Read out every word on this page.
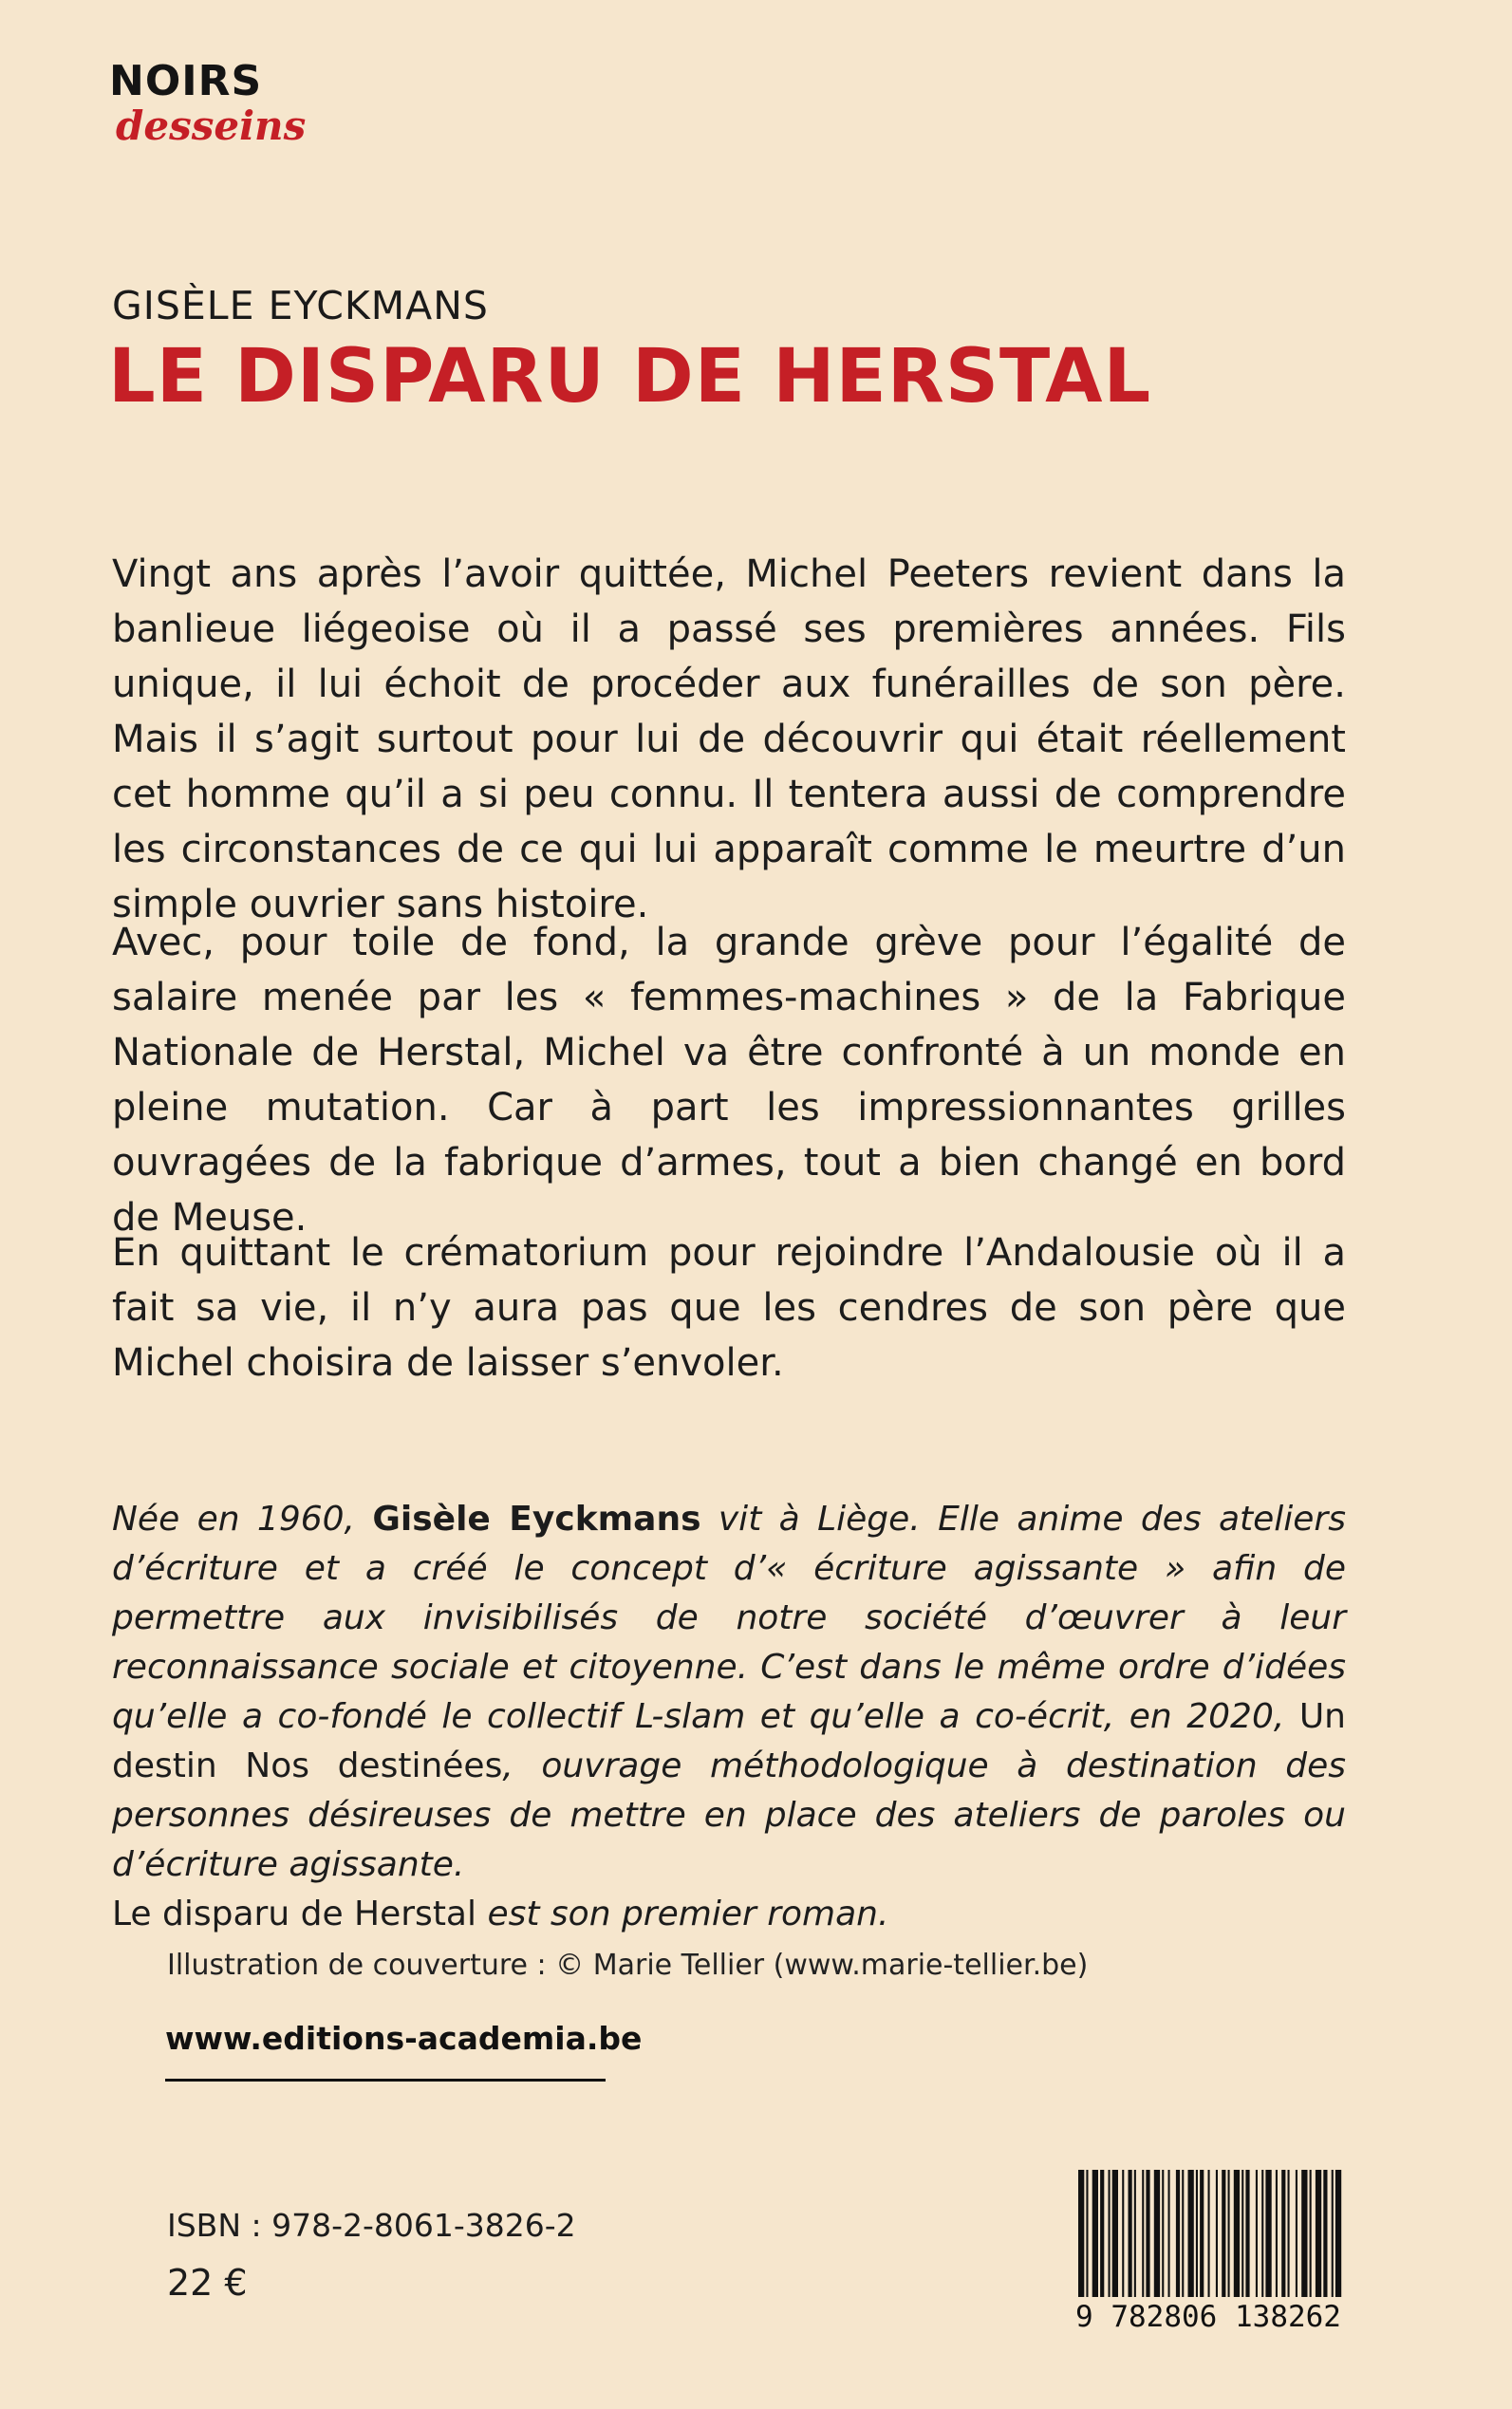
NOIRS
desseins
GISÈLE EYCKMANS
LE DISPARU DE HERSTAL

Vingt ans après l’avoir quittée, Michel Peeters revient dans la banlieue liégeoise où il a passé ses premières années. Fils unique, il lui échoit de procéder aux funérailles de son père. Mais il s’agit surtout pour lui de découvrir qui était réellement cet homme qu’il a si peu connu. Il tentera aussi de comprendre les circonstances de ce qui lui apparaît comme le meurtre d’un simple ouvrier sans histoire.

Avec, pour toile de fond, la grande grève pour l’égalité de salaire menée par les « femmes-machines » de la Fabrique Nationale de Herstal, Michel va être confronté à un monde en pleine mutation. Car à part les impressionnantes grilles ouvragées de la fabrique d’armes, tout a bien changé en bord de Meuse.

En quittant le crématorium pour rejoindre l’Andalousie où il a fait sa vie, il n’y aura pas que les cendres de son père que Michel choisira de laisser s’envoler.

Née en 1960, Gisèle Eyckmans vit à Liège. Elle anime des ateliers d’écriture et a créé le concept d’« écriture agissante » afin de permettre aux invisibilisés de notre société d’œuvrer à leur reconnaissance sociale et citoyenne. C’est dans le même ordre d’idées qu’elle a co-fondé le collectif L-slam et qu’elle a co-écrit, en 2020, Un destin Nos destinées, ouvrage méthodologique à destination des personnes désireuses de mettre en place des ateliers de paroles ou d’écriture agissante.
Le disparu de Herstal est son premier roman.

Illustration de couverture : © Marie Tellier (www.marie-tellier.be)
www.editions-academia.be
ISBN : 978-2-8061-3826-2
22 €
9 782806 138262
